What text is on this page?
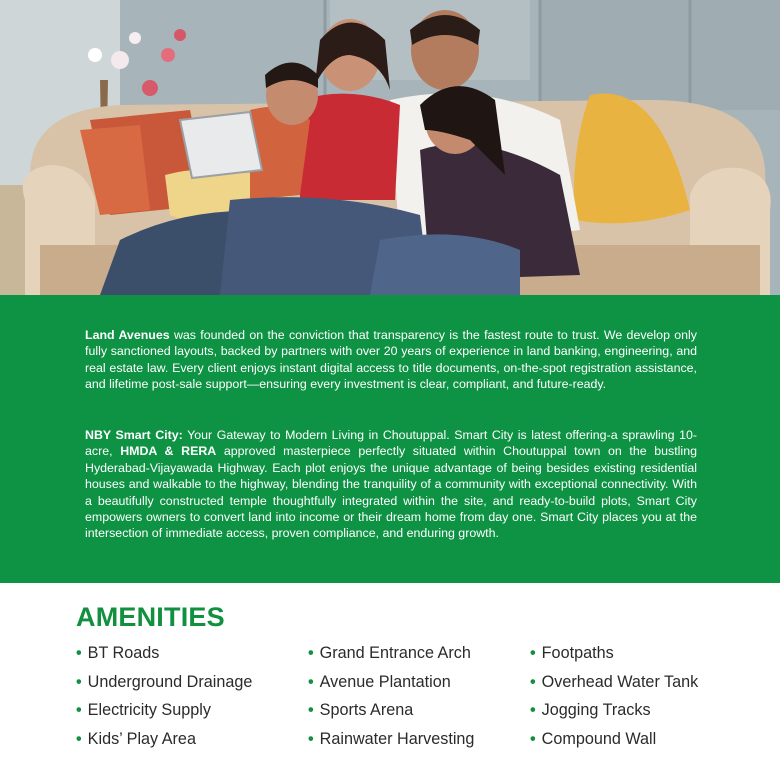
Land Avenues was founded on the conviction that transparency is the fastest route to trust. We develop only fully sanctioned layouts, backed by partners with over 20 years of experience in land banking, engineering, and real estate law. Every client enjoys instant digital access to title documents, on-the-spot registration assistance, and lifetime post-sale support—ensuring every investment is clear, compliant, and future-ready.

NBY Smart City: Your Gateway to Modern Living in Choutuppal. Smart City is latest offering-a sprawling 10-acre, HMDA & RERA approved masterpiece perfectly situated within Choutuppal town on the bustling Hyderabad-Vijayawada Highway. Each plot enjoys the unique advantage of being besides existing residential houses and walkable to the highway, blending the tranquility of a community with exceptional connectivity. With a beautifully constructed temple thoughtfully integrated within the site, and ready-to-build plots, Smart City empowers owners to convert land into income or their dream home from day one. Smart City places you at the intersection of immediate access, proven compliance, and enduring growth.

AMENITIES
• BT Roads
• Underground Drainage
• Electricity Supply
• Kids’ Play Area
• Grand Entrance Arch
• Avenue Plantation
• Sports Arena
• Rainwater Harvesting
• Footpaths
• Overhead Water Tank
• Jogging Tracks
• Compound Wall
